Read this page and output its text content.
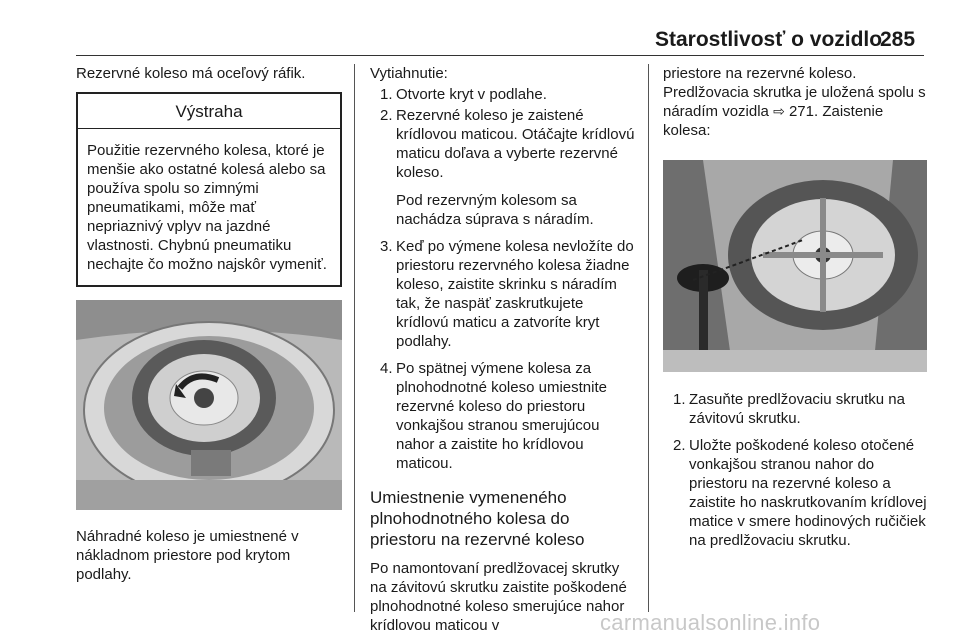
Starostlivosť o vozidlo
285

Rezervné koleso má oceľový ráfik.

Výstraha
Použitie rezervného kolesa, ktoré je menšie ako ostatné kolesá alebo sa používa spolu so zimnými pneumatikami, môže mať nepriaznivý vplyv na jazdné vlastnosti. Chybnú pneumatiku nechajte čo možno najskôr vymeniť.

Náhradné koleso je umiestnené v nákladnom priestore pod krytom podlahy.

Vytiahnutie:

1. Otvorte kryt v podlahe.
2. Rezervné koleso je zaistené krídlovou maticou. Otáčajte krídlovú maticu doľava a vyberte rezervné koleso.

Pod rezervným kolesom sa nachádza súprava s náradím.

3. Keď po výmene kolesa nevložíte do priestoru rezervného kolesa žiadne koleso, zaistite skrinku s náradím tak, že naspäť zaskrutkujete krídlovú maticu a zatvoríte kryt podlahy.
4. Po spätnej výmene kolesa za plnohodnotné koleso umiestnite rezervné koleso do priestoru vonkajšou stranou smerujúcou nahor a zaistite ho krídlovou maticou.
Umiestnenie vymeneného plnohodnotného kolesa do priestoru na rezervné koleso

Po namontovaní predlžovacej skrutky na závitovú skrutku zaistite poškodené plnohodnotné koleso smerujúce nahor krídlovou maticou v

priestore na rezervné koleso. Predlžovacia skrutka je uložená spolu s náradím vozidla ⇨ 271. Zaistenie kolesa:

1. Zasuňte predlžovaciu skrutku na závitovú skrutku.
2. Uložte poškodené koleso otočené vonkajšou stranou nahor do priestoru na rezervné koleso a zaistite ho naskrutkovaním krídlovej matice v smere hodinových ručičiek na predlžovaciu skrutku.
carmanualsonline.info
